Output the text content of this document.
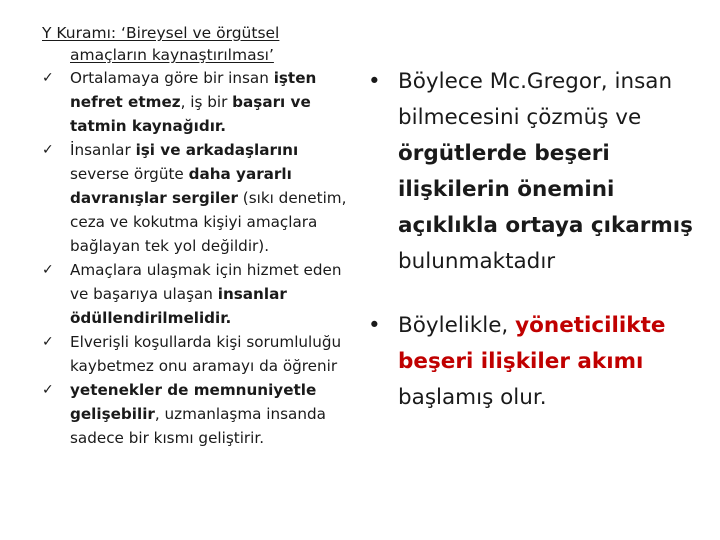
Y Kuramı: ‘Bireysel ve örgütsel
amaçların kaynaştırılması’
✓ Ortalamaya göre bir insan işten nefret etmez, iş bir başarı ve tatmin kaynağıdır.
✓ İnsanlar işi ve arkadaşlarını severse örgüte daha yararlı davranışlar sergiler (sıkı denetim, ceza ve kokutma kişiyi amaçlara bağlayan tek yol değildir).
✓ Amaçlara ulaşmak için hizmet eden ve başarıya ulaşan insanlar ödüllendirilmelidir.
✓ Elverişli koşullarda kişi sorumluluğu kaybetmez onu aramayı da öğrenir
✓ yetenekler de memnuniyetle gelişebilir, uzmanlaşma insanda sadece bir kısmı geliştirir.
• Böylece Mc.Gregor, insan bilmecesini çözmüş ve örgütlerde beşeri ilişkilerin önemini açıklıkla ortaya çıkarmış bulunmaktadır
• Böylelikle, yöneticilikte beşeri ilişkiler akımı başlamış olur.
